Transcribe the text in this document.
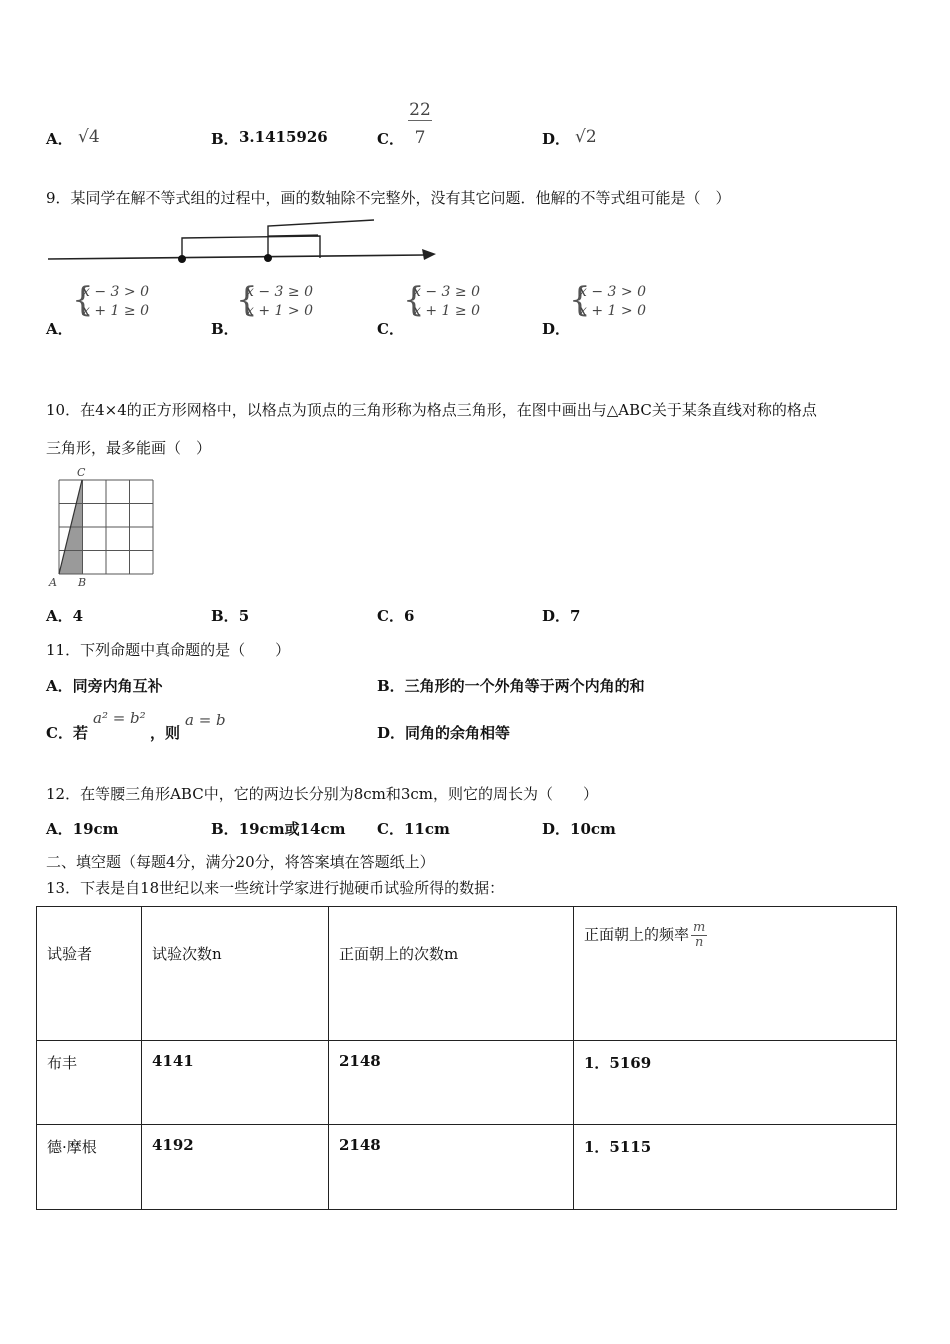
A． √4	B． 3.1415926	C．
22
7	D． √2
9．某同学在解不等式组的过程中，画的数轴除不完整外，没有其它问题．他解的不等式组可能是（　）
A．
{
x − 3 > 0
x + 1 ≥ 0
B．
{
x − 3 ≥ 0
x + 1 > 0
C．
{
x − 3 ≥ 0
x + 1 ≥ 0
D．
{
x − 3 > 0
x + 1 > 0
10．在4×4的正方形网格中，以格点为顶点的三角形称为格点三角形，在图中画出与△ABC关于某条直线对称的格点
三角形，最多能画（　）
C
A B
A．4	B．5	C．6	D．7
11．下列命题中真命题的是（　　）
A．同旁内角互补	B．三角形的一个外角等于两个内角的和
C．若
a² = b²
，则
a = b
D．同角的余角相等
12．在等腰三角形ABC中，它的两边长分别为8cm和3cm，则它的周长为（　　）
A．19cm	B．19cm或14cm C．11cm	D．10cm
二、填空题（每题4分，满分20分，将答案填在答题纸上）
13．下表是自18世纪以来一些统计学家进行抛硬币试验所得的数据：
试验者	试验次数n	正面朝上的次数m	正面朝上的频率 $\frac{m}{n}$

布丰	4141	2148	1．5169

德·摩根	4192	2148	1．5115
